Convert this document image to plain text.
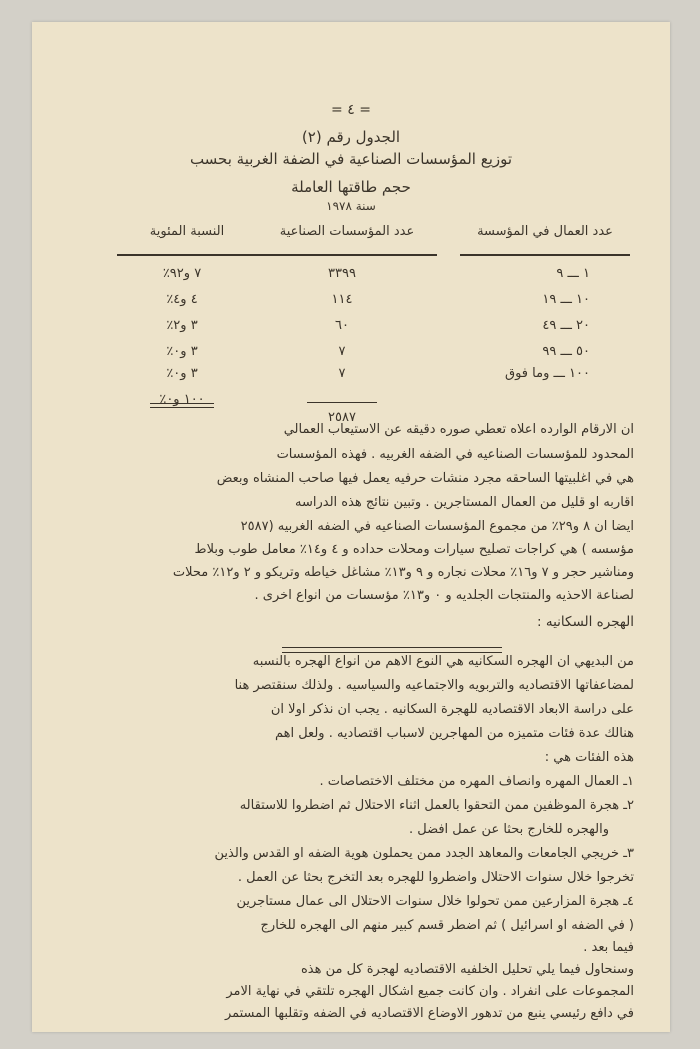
= ٤ =
الجدول رقم (٢)
توزيع المؤسسات الصناعية في الضفة الغربية بحسب
حجم طاقتها العاملة
سنة ١٩٧٨
عدد العمال في المؤسسة
عدد المؤسسات الصناعية
النسبة المئوية
١ ـــ ٩
٣٣٩٩
٧ و٩٢٪
١٠ ـــ ١٩
١١٤
٤ و٤٪
٢٠ ـــ ٤٩
٦٠
٣ و٢٪
٥٠ ـــ ٩٩
٧
٣ و٠٪
١٠٠ ـــ وما فوق
٧
٣ و٠٪
٢٥٨٧
١٠٠ و٠٪
ان الارقام الوارده اعلاه تعطي صوره دقيقه عن الاستيعاب العمالي
المحدود للمؤسسات الصناعيه في الضفه الغربيه . فهذه المؤسسات
هي في اغلبيتها الساحقه مجرد منشآت حرفيه يعمل فيها صاحب المنشاه وبعض
اقاربه او قليل من العمال المستاجرين . وتبين نتائج هذه الدراسه
ايضا ان ٨ و٢٩٪ من مجموع المؤسسات الصناعيه في الضفه الغربيه (٢٥٨٧
مؤسسه ) هي كراجات تصليح سيارات ومحلات حداده و ٤ و١٤٪ معامل طوب وبلاط
ومناشير حجر و ٧ و١٦٪ محلات نجاره و ٩ و١٣٪ مشاغل خياطه وتريكو و ٢ و١٢٪ محلات
لصناعة الاحذيه والمنتجات الجلديه و ٠ و١٣٪ مؤسسات من انواع اخرى .
الهجره السكانيه :
من البديهي ان الهجره السكانيه هي النوع الاهم من انواع الهجره بالنسبه
لمضاعفاتها الاقتصاديه والتربويه والاجتماعيه والسياسيه . ولذلك سنقتصر هنا
على دراسة الابعاد الاقتصاديه للهجرة السكانيه . يجب ان نذكر اولا ان
هنالك عدة فئات متميزه من المهاجرين لاسباب اقتصاديه . ولعل اهم
هذه الفئات هي :
١ـ العمال المهره وانصاف المهره من مختلف الاختصاصات .
٢ـ هجرة الموظفين ممن التحقوا بالعمل اثناء الاحتلال ثم اضطروا للاستقاله
والهجره للخارج بحثا عن عمل افضل .
٣ـ خريجي الجامعات والمعاهد الجدد ممن يحملون هوية الضفه او القدس والذين
تخرجوا خلال سنوات الاحتلال واضطروا للهجره بعد التخرج بحثا عن العمل .
٤ـ هجرة المزارعين ممن تحولوا خلال سنوات الاحتلال الى عمال مستاجرين
( في الضفه او اسرائيل ) ثم اضطر قسم كبير منهم الى الهجره للخارج
فيما بعد .
وسنحاول فيما يلي تحليل الخلفيه الاقتصاديه لهجرة كل من هذه
المجموعات على انفراد . وان كانت جميع اشكال الهجره تلتقي في نهاية الامر
في دافع رئيسي ينبع من تدهور الاوضاع الاقتصاديه في الضفه وتقلبها المستمر
